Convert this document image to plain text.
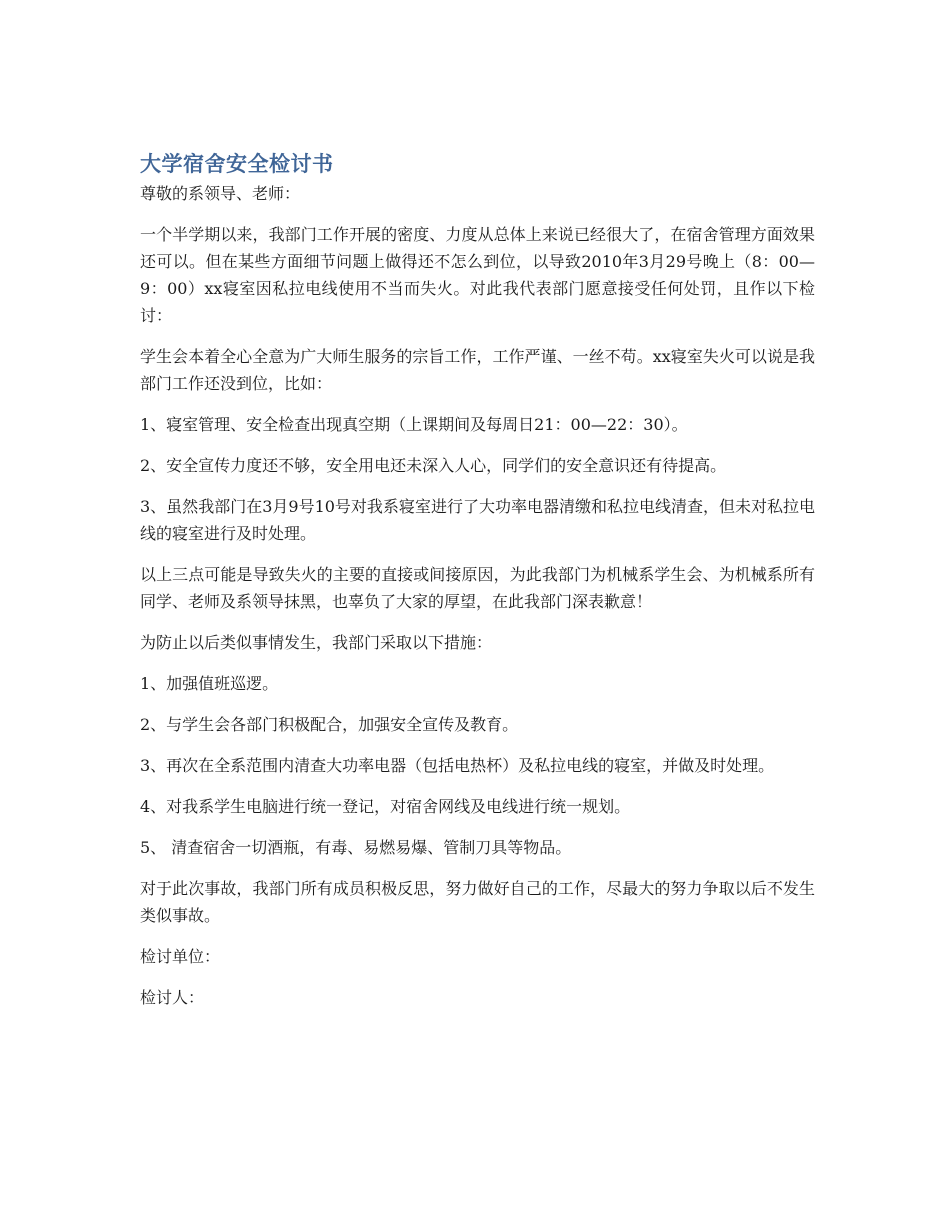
大学宿舍安全检讨书

尊敬的系领导、老师：

一个半学期以来，我部门工作开展的密度、力度从总体上来说已经很大了，在宿舍管理方面效果还可以。但在某些方面细节问题上做得还不怎么到位，以导致2010年3月29号晚上（8：00—9：00）xx寝室因私拉电线使用不当而失火。对此我代表部门愿意接受任何处罚，且作以下检讨：

学生会本着全心全意为广大师生服务的宗旨工作，工作严谨、一丝不苟。xx寝室失火可以说是我部门工作还没到位，比如：

1、寝室管理、安全检查出现真空期（上课期间及每周日21：00—22：30）。

2、安全宣传力度还不够，安全用电还未深入人心，同学们的安全意识还有待提高。

3、虽然我部门在3月9号10号对我系寝室进行了大功率电器清缴和私拉电线清查，但未对私拉电线的寝室进行及时处理。

以上三点可能是导致失火的主要的直接或间接原因，为此我部门为机械系学生会、为机械系所有同学、老师及系领导抹黑，也辜负了大家的厚望，在此我部门深表歉意！

为防止以后类似事情发生，我部门采取以下措施：

1、加强值班巡逻。

2、与学生会各部门积极配合，加强安全宣传及教育。

3、再次在全系范围内清查大功率电器（包括电热杯）及私拉电线的寝室，并做及时处理。

4、对我系学生电脑进行统一登记，对宿舍网线及电线进行统一规划。

5、 清查宿舍一切酒瓶，有毒、易燃易爆、管制刀具等物品。

对于此次事故，我部门所有成员积极反思，努力做好自己的工作，尽最大的努力争取以后不发生类似事故。

检讨单位：

检讨人：
